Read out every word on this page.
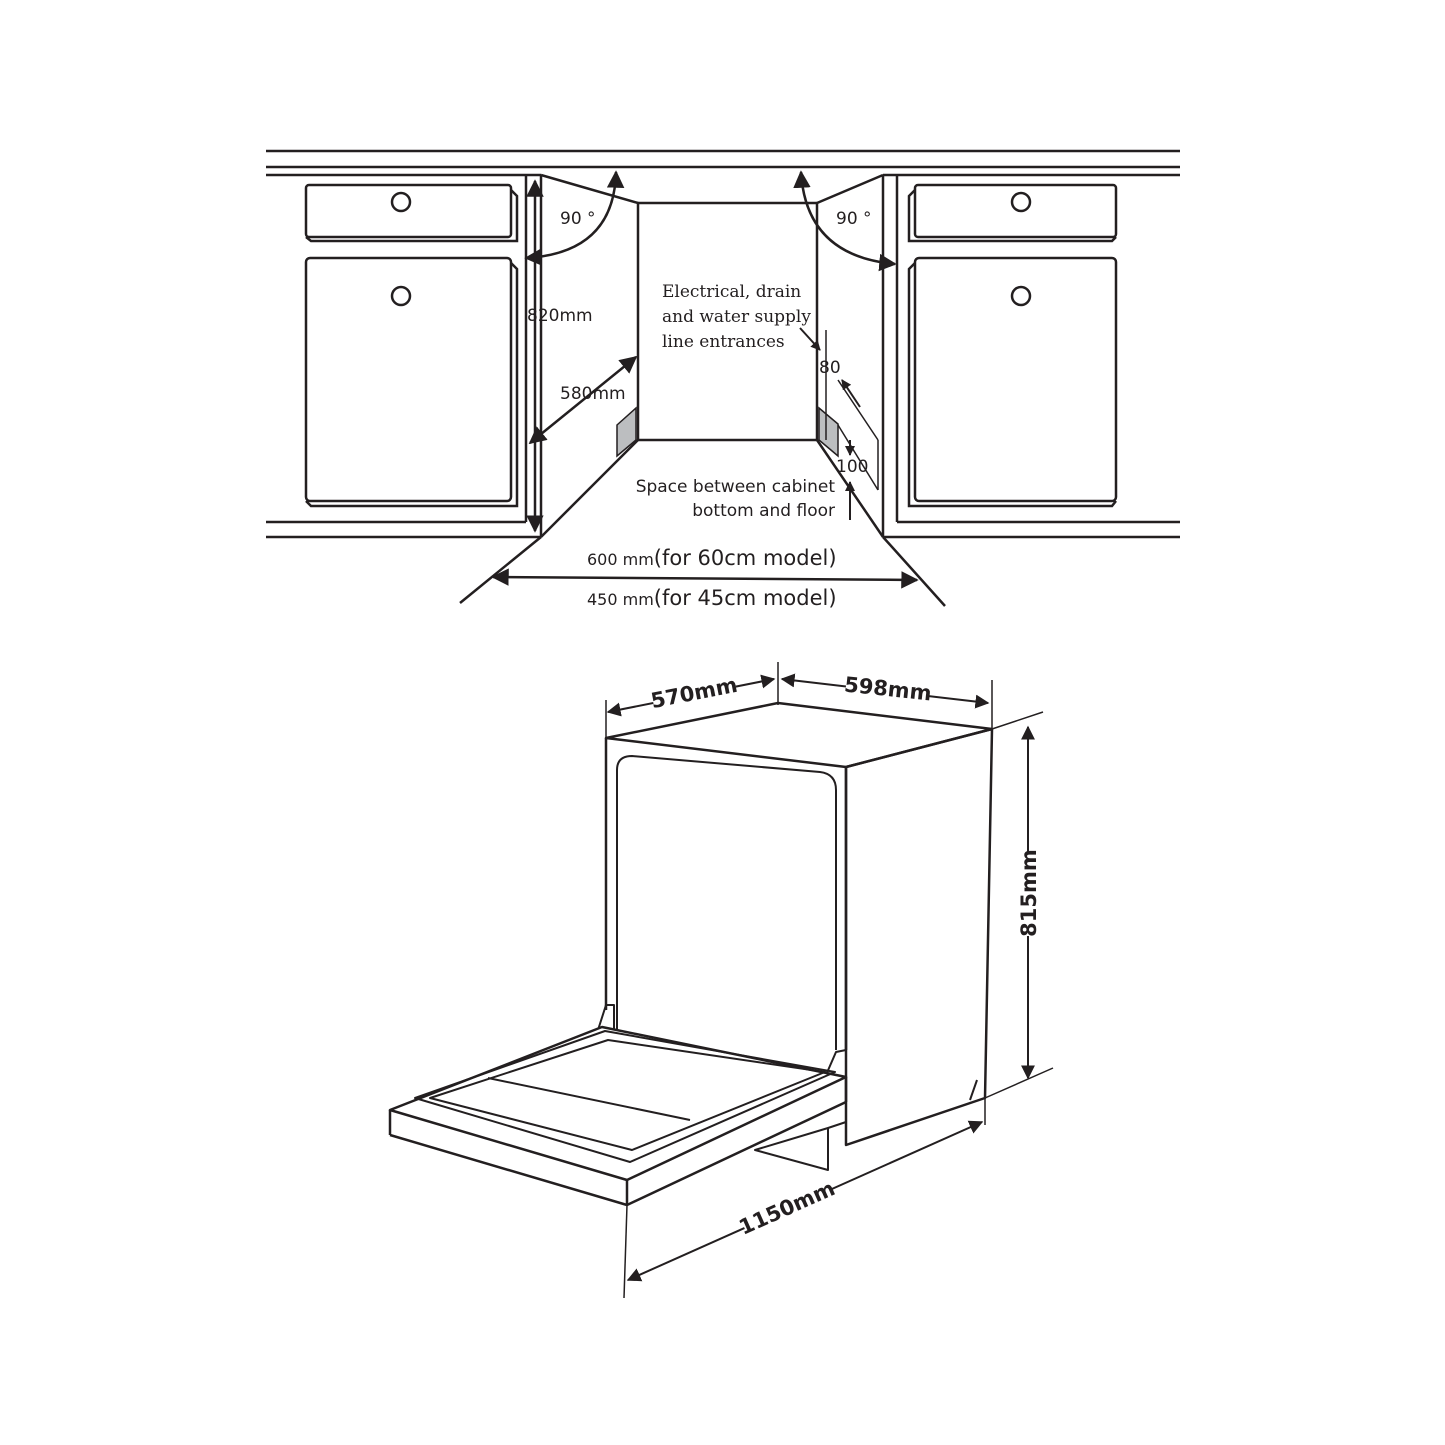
90 °	90 °
820mm
580mm
Electrical, drain
and water supply
line entrances
80
100
Space between cabinet
bottom and floor
600 mm(for 60cm model)
450 mm(for 45cm model)
570mm	598mm
815mm
1150mm
